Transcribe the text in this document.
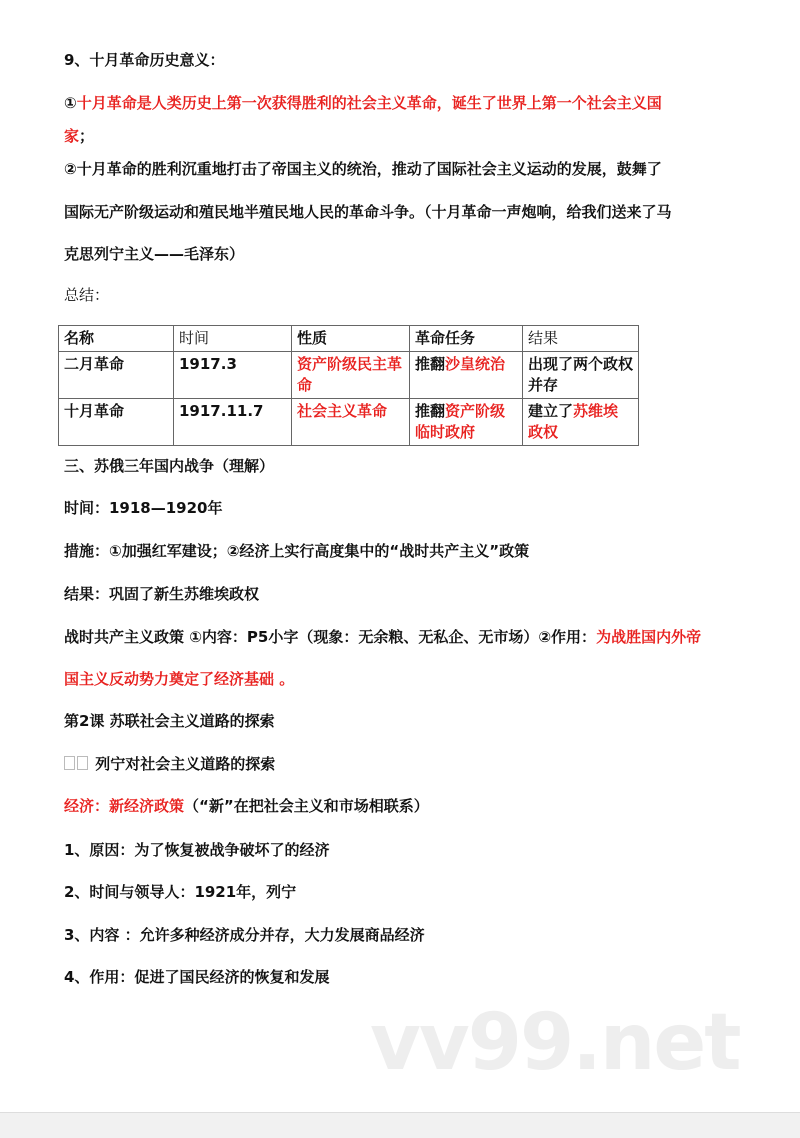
名称	时间	性质	革命任务	结果
二月革命	1917.3	资产阶级民主革命	推翻沙皇统治	出现了两个政权并存
十月革命	1917.11.7	社会主义革命	推翻资产阶级临时政府	建立了苏维埃政权
vv99.net
9、十月革命历史意义：
①十月革命是人类历史上第一次获得胜利的社会主义革命，诞生了世界上第一个社会主义国
家；
②十月革命的胜利沉重地打击了帝国主义的统治，推动了国际社会主义运动的发展，鼓舞了
国际无产阶级运动和殖民地半殖民地人民的革命斗争。（十月革命一声炮响，给我们送来了马
克思列宁主义——毛泽东）
总结：
三、苏俄三年国内战争（理解）
时间：1918—1920年
措施：①加强红军建设；②经济上实行高度集中的“战时共产主义”政策
结果：巩固了新生苏维埃政权
战时共产主义政策 ①内容：P5小字（现象：无余粮、无私企、无市场）②作用：为战胜国内外帝
国主义反动势力奠定了经济基础 。
第2课 苏联社会主义道路的探索
列宁对社会主义道路的探索
经济：新经济政策（“新”在把社会主义和市场相联系）
1、原因：为了恢复被战争破坏了的经济
2、时间与领导人：1921年，列宁
3、内容 ：允许多种经济成分并存，大力发展商品经济
4、作用：促进了国民经济的恢复和发展
